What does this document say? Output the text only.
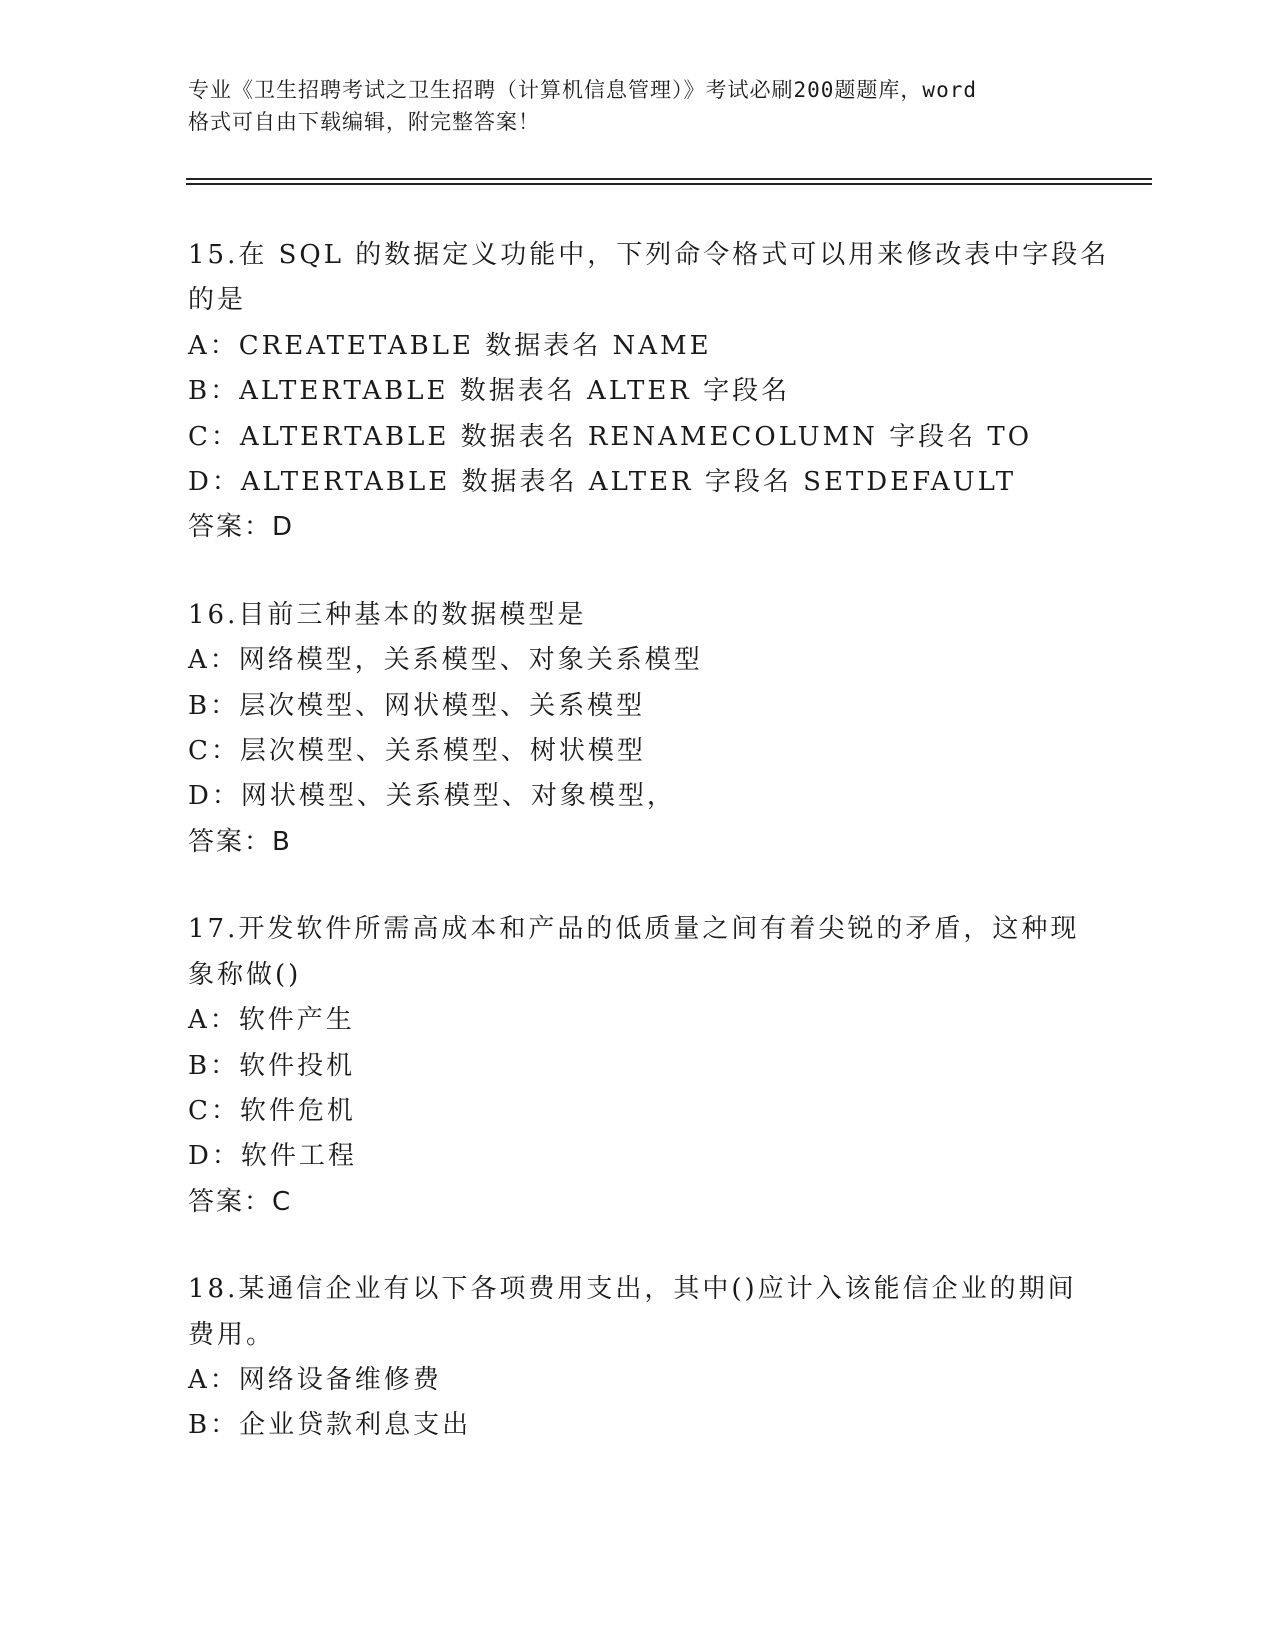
专业《卫生招聘考试之卫生招聘（计算机信息管理）》考试必刷200题题库，word
格式可自由下载编辑，附完整答案！
15.在 SQL 的数据定义功能中，下列命令格式可以用来修改表中字段名
的是
A： CREATETABLE 数据表名 NAME
B： ALTERTABLE 数据表名 ALTER 字段名
C： ALTERTABLE 数据表名 RENAMECOLUMN 字段名 TO
D： ALTERTABLE 数据表名 ALTER 字段名 SETDEFAULT
答案：D
16.目前三种基本的数据模型是
A： 网络模型，关系模型、对象关系模型
B： 层次模型、网状模型、关系模型
C： 层次模型、关系模型、树状模型
D： 网状模型、关系模型、对象模型，
答案：B
17.开发软件所需高成本和产品的低质量之间有着尖锐的矛盾，这种现
象称做()
A： 软件产生
B： 软件投机
C： 软件危机
D： 软件工程
答案：C
18.某通信企业有以下各项费用支出，其中()应计入该能信企业的期间
费用。
A： 网络设备维修费
B： 企业贷款利息支出
